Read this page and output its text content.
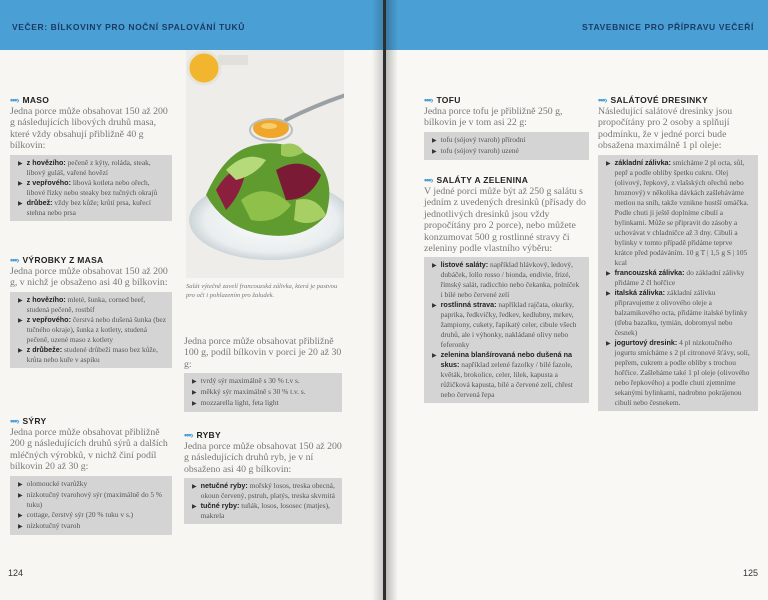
VEČER: BÍLKOVINY PRO NOČNÍ SPALOVÁNÍ TUKŮ
•••› MASO
Jedna porce může obsahovat 150 až 200 g následujících libových druhů masa, které vždy obsahují přibližně 40 g bílkovin:
▶ z hovězího: pečeně z kýty, roláda, steak, libový guláš, vařené hovězí
▶ z vepřového: libová kotleta nebo ořech, libové řízky nebo steaky bez tučných okrajů
▶ drůbež: vždy bez kůže; krůtí prsa, kuřecí stehna nebo prsa
•••› VÝROBKY Z MASA
Jedna porce může obsahovat 150 až 200 g, v nichž je obsaženo asi 40 g bílkovin:
▶ z hovězího: mleté, šunka, corned beef, studená pečeně, rostbíf
▶ z vepřového: čerstvá nebo dušená šunka (bez tučného okraje), šunka z kotlety, studená pečeně, uzené maso z kotlety
▶ z drůbeže: studené drůbeží maso bez kůže, krůta nebo kuře v aspiku
•••› SÝRY
Jedna porce může obsahovat přibližně 200 g následujících druhů sýrů a dalších mléčných výrobků, v nichž činí podíl bílkovin 20 až 30 g:
▶ olomoucké tvarůžky
▶ nízkotučný tvarohový sýr (maximálně do 5 % tuku)
▶ cottage, čerstvý sýr (20 % tuku v s.)
▶ nízkotučný tvaroh
Salát výtečně zavelí francouzská zálivka, která je pastvou pro oči i pohlazením pro žaludek.
Jedna porce může obsahovat přibližně 100 g, podíl bílkovin v porci je 20 až 30 g:
▶ tvrdý sýr maximálně s 30 % t.v s.
▶ měkký sýr maximálně s 30 % t.v. s.
▶ mozzarella light, feta light
•••› RYBY
Jedna porce může obsahovat 150 až 200 g následujících druhů ryb, je v ní obsaženo asi 40 g bílkovin:
▶ netučné ryby: mořský losos, treska obecná, okoun červený, pstruh, platýs, treska skvrnitá
▶ tučné ryby: tuňák, losos, lososec (matjes), makrela
124
STAVEBNICE PRO PŘÍPRAVU VEČEŘÍ
•••› TOFU
Jedna porce tofu je přibližně 250 g, bílkovin je v tom asi 22 g:
▶ tofu (sójový tvaroh) přírodní
▶ tofu (sójový tvaroh) uzené
•••› SALÁTY A ZELENINA
V jedné porci může být až 250 g salátu s jedním z uvedených dresinků (přísady do jednotlivých dresinků jsou vždy propočítány pro 2 porce), nebo můžete konzumovat 500 g rostlinné stravy či zeleniny podle vlastního výběru:
▶ listové saláty: například hlávkový, ledový, dubáček, lollo rosso / bionda, endivie, frizé, římský salát, radicchio nebo čekanka, polníček i bílé nebo červené zelí
▶ rostlinná strava: například rajčata, okurky, paprika, ředkvičky, ředkev, kedlubny, mrkev, žampiony, cukety, řapíkatý celer, cibule všech druhů, ale i výhonky, nakládané olivy nebo feferonky
▶ zelenina blanšírovaná nebo dušená na skus: například zelené fazolky / bílé fazole, květák, brokolice, celer, lilek, kapusta a růžičková kapusta, bílé a červené zelí, chřest nebo červená řepa
•••› SALÁTOVÉ DRESINKY
Následující salátové dresinky jsou propočítány pro 2 osoby a splňují podmínku, že v jedné porci bude obsažena maximálně 1 pl oleje:
▶ základní zálivka: smícháme 2 pl octa, sůl, pepř a podle obliby špetku cukru. Olej (olivový, řepkový, z vlašských ořechů nebo hroznový) v několika dávkách zašleháváme metlou na sníh, takže vznikne hustší omáčka. Podle chuti ji ještě doplníme cibulí a bylinkami. Může se připravit do zásoby a uchovávat v chladničce až 3 dny. Cibuli a bylinky v tomto případě přidáme teprve krátce před podáváním. 10 g T | 1,5 g S | 105 kcal
▶ francouzská zálivka: do základní zálivky přidáme 2 čl hořčice
▶ italská zálivka: základní zálivku připravujeme z olivového oleje a balzamikového octa, přidáme italské bylinky (třeba bazalku, tymián, dobromysl nebo česnek)
▶ jogurtový dresink: 4 pl nízkotučného jogurtu smícháme s 2 pl citronové šťávy, solí, pepřem, cukrem a podle obliby s trochou hořčice. Zašleháme také 1 pl oleje (olivového nebo řepkového) a podle chuti zjemníme sekanými bylinkami, nadrobno pokrájenou cibulí nebo česnekem.
125
